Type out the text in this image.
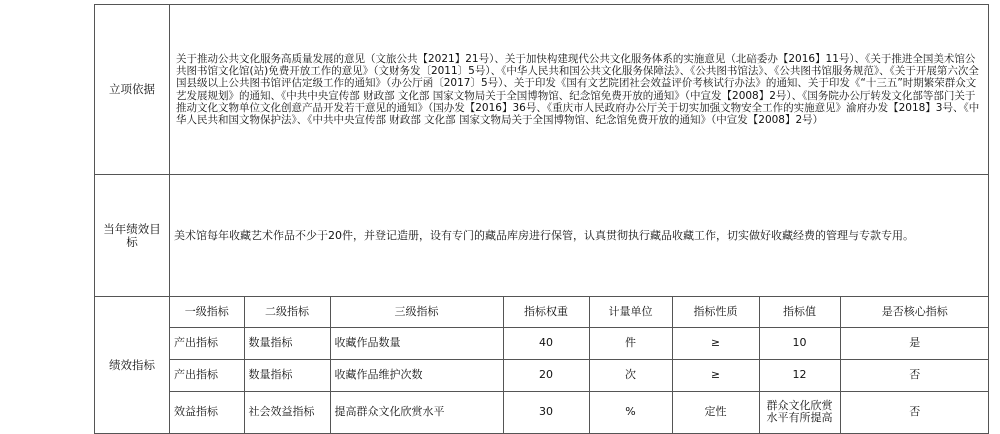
立项依据	关于推动公共文化服务高质量发展的意见（文旅公共【2021】21号）、关于加快构建现代公共文化服务体系的实施意见（北碚委办【2016】11号）、《关于推进全国美术馆公共图书馆文化馆(站)免费开放工作的意见》（文财务发〔2011〕5号）、《中华人民共和国公共文化服务保障法》、《公共图书馆法》、《公共图书馆服务规范》、《关于开展第六次全国县级以上公共图书馆评估定级工作的通知》（办公厅函〔2017〕5号）、关于印发《国有文艺院团社会效益评价考核试行办法》的通知、关于印发《“十三五”时期繁荣群众文艺发展规划》的通知、《中共中央宣传部 财政部 文化部 国家文物局关于全国博物馆、纪念馆免费开放的通知》（中宣发【2008】2号）、《国务院办公厅转发文化部等部门关于推动文化文物单位文化创意产品开发若干意见的通知》（国办发【2016】36号、《重庆市人民政府办公厅关于切实加强文物安全工作的实施意见》渝府办发【2018】3号、《中华人民共和国文物保护法》、《中共中央宣传部 财政部 文化部 国家文物局关于全国博物馆、纪念馆免费开放的通知》（中宣发【2008】2号）
当年绩效目标	美术馆每年收藏艺术作品不少于20件，并登记造册，设有专门的藏品库房进行保管，认真贯彻执行藏品收藏工作，切实做好收藏经费的管理与专款专用。
绩效指标	
一级指标	二级指标	三级指标	指标权重	计量单位	指标性质	指标值	是否核心指标
产出指标	数量指标	收藏作品数量	40	件	≥	10	是
产出指标	数量指标	收藏作品维护次数	20	次	≥	12	否
效益指标	社会效益指标	提高群众文化欣赏水平	30	%	定性	群众文化欣赏水平有所提高	否
